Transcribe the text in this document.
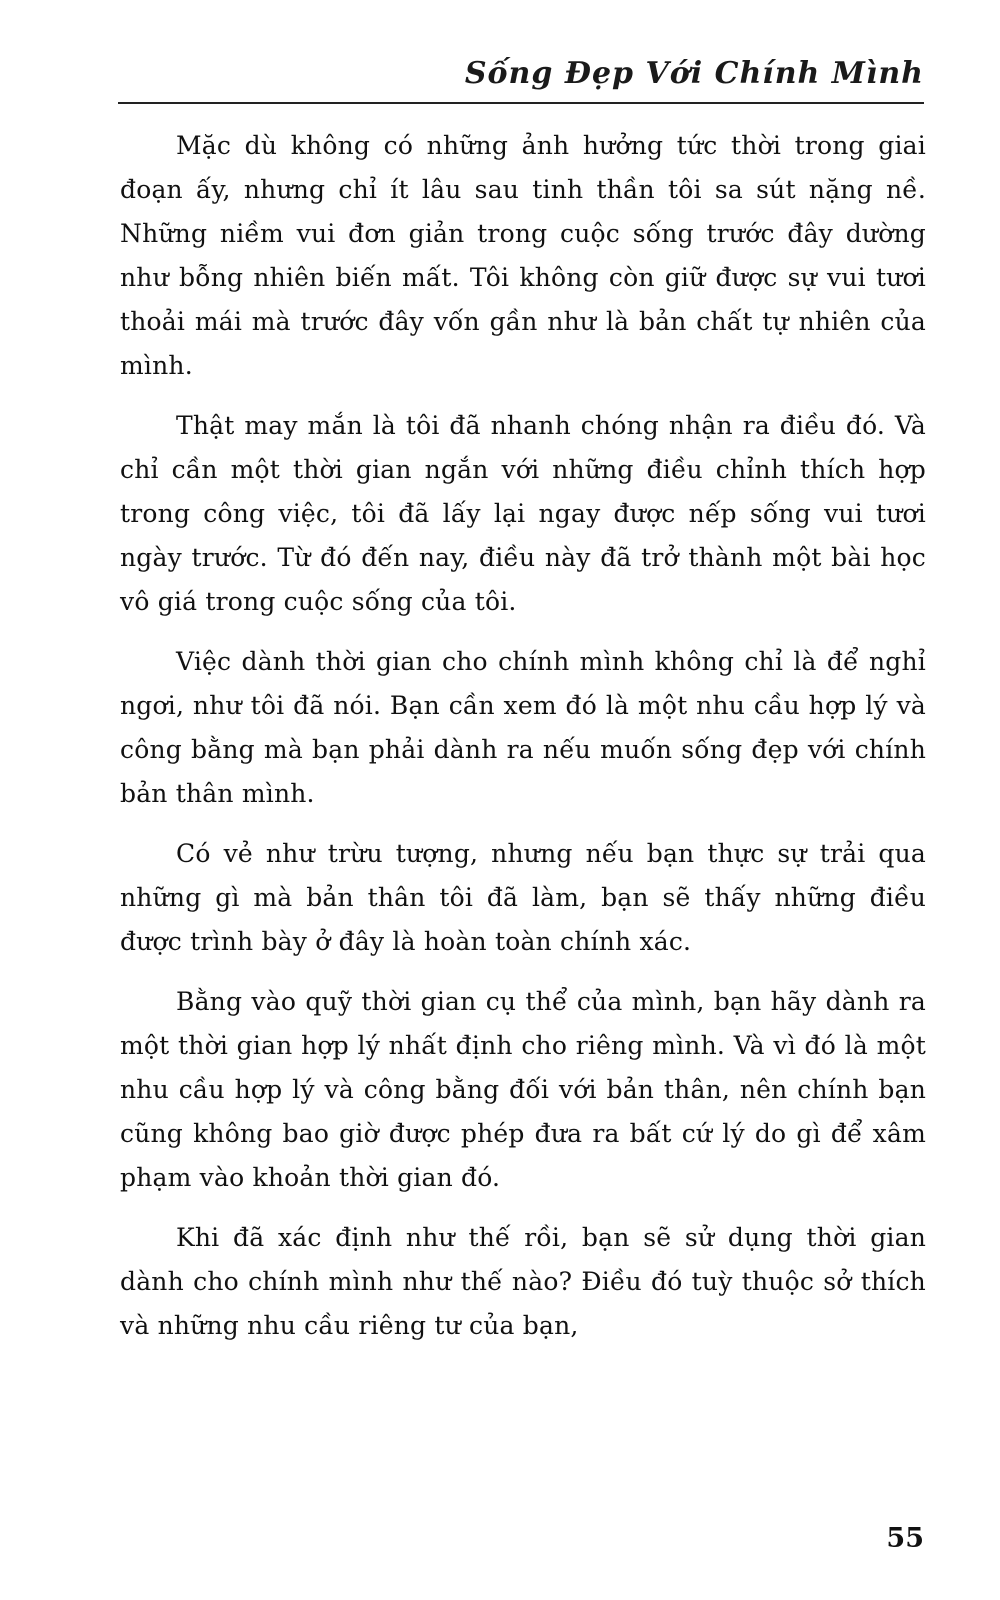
Sống Đẹp Với Chính Mình

Mặc dù không có những ảnh hưởng tức thời trong giai đoạn ấy, nhưng chỉ ít lâu sau tinh thần tôi sa sút nặng nề. Những niềm vui đơn giản trong cuộc sống trước đây dường như bỗng nhiên biến mất. Tôi không còn giữ được sự vui tươi thoải mái mà trước đây vốn gần như là bản chất tự nhiên của mình.

Thật may mắn là tôi đã nhanh chóng nhận ra điều đó. Và chỉ cần một thời gian ngắn với những điều chỉnh thích hợp trong công việc, tôi đã lấy lại ngay được nếp sống vui tươi ngày trước. Từ đó đến nay, điều này đã trở thành một bài học vô giá trong cuộc sống của tôi.

Việc dành thời gian cho chính mình không chỉ là để nghỉ ngơi, như tôi đã nói. Bạn cần xem đó là một nhu cầu hợp lý và công bằng mà bạn phải dành ra nếu muốn sống đẹp với chính bản thân mình.

Có vẻ như trừu tượng, nhưng nếu bạn thực sự trải qua những gì mà bản thân tôi đã làm, bạn sẽ thấy những điều được trình bày ở đây là hoàn toàn chính xác.

Bằng vào quỹ thời gian cụ thể của mình, bạn hãy dành ra một thời gian hợp lý nhất định cho riêng mình. Và vì đó là một nhu cầu hợp lý và công bằng đối với bản thân, nên chính bạn cũng không bao giờ được phép đưa ra bất cứ lý do gì để xâm phạm vào khoản thời gian đó.

Khi đã xác định như thế rồi, bạn sẽ sử dụng thời gian dành cho chính mình như thế nào? Điều đó tuỳ thuộc sở thích và những nhu cầu riêng tư của bạn,

55
